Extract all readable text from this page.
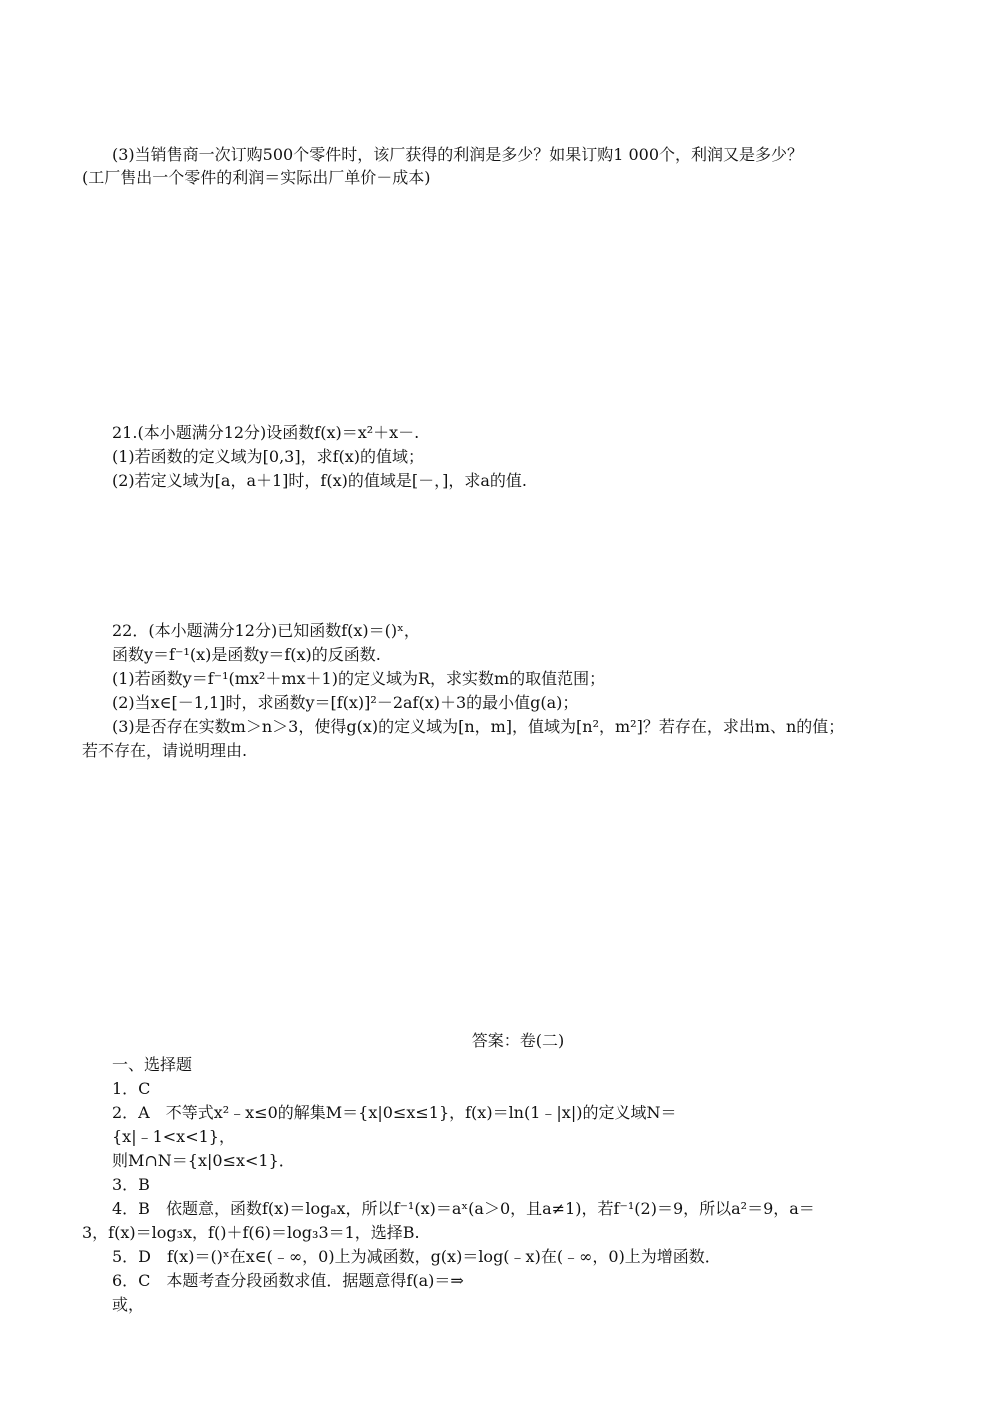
(3)当销售商一次订购500个零件时，该厂获得的利润是多少？如果订购1 000个，利润又是多少？
(工厂售出一个零件的利润＝实际出厂单价－成本)
21.(本小题满分12分)设函数f(x)＝x²＋x－.
(1)若函数的定义域为[0,3]，求f(x)的值域；
(2)若定义域为[a，a＋1]时，f(x)的值域是[－，]，求a的值.
22．(本小题满分12分)已知函数f(x)＝()ˣ，
函数y＝f⁻¹(x)是函数y＝f(x)的反函数.
(1)若函数y＝f⁻¹(mx²＋mx＋1)的定义域为R，求实数m的取值范围；
(2)当x∈[－1,1]时，求函数y＝[f(x)]²－2af(x)＋3的最小值g(a)；
(3)是否存在实数m＞n＞3，使得g(x)的定义域为[n，m]，值域为[n²，m²]？若存在，求出m、n的值；
若不存在，请说明理由.
答案：卷(二)
一、选择题
1．C
2．A　不等式x²﹣x≤0的解集M＝{x|0≤x≤1}，f(x)＝ln(1﹣|x|)的定义域N＝
{x|﹣1<x<1}，
则M∩N＝{x|0≤x<1}．
3．B
4．B　依题意，函数f(x)＝logₐx，所以f⁻¹(x)＝aˣ(a＞0，且a≠1)，若f⁻¹(2)＝9，所以a²＝9，a＝
3，f(x)＝log₃x，f()＋f(6)＝log₃3＝1，选择B.
5．D　f(x)＝()ˣ在x∈(﹣∞，0)上为减函数，g(x)＝log(﹣x)在(﹣∞，0)上为增函数．
6．C　本题考查分段函数求值．据题意得f(a)＝⇒
或，
